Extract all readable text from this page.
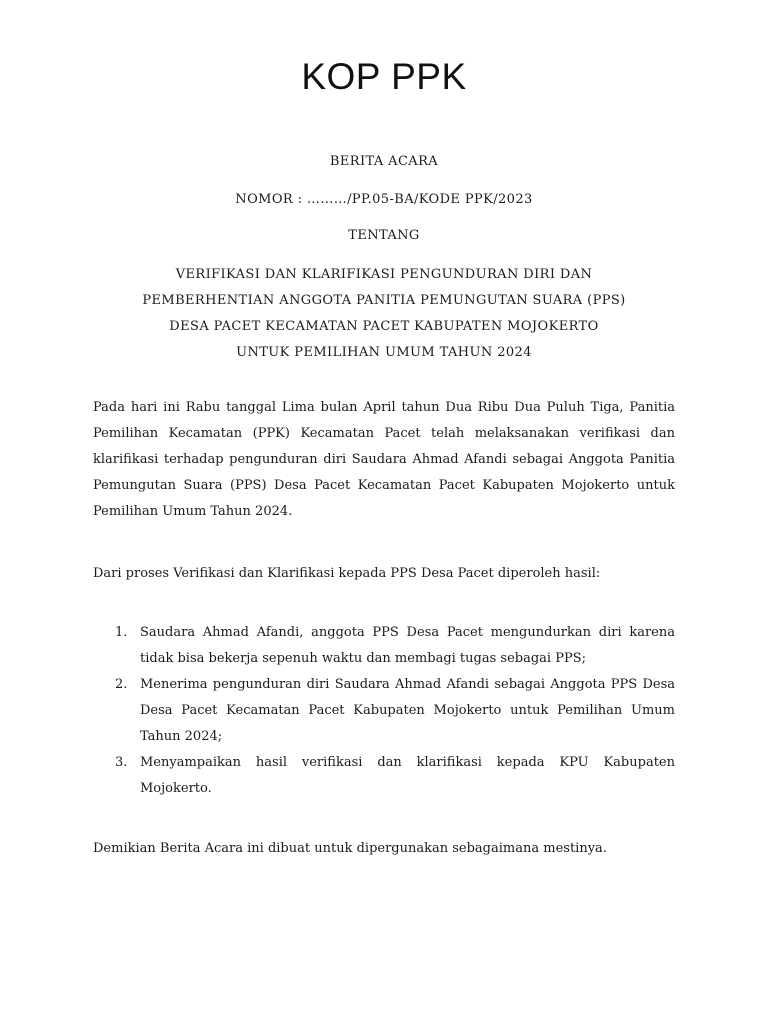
KOP PPK
BERITA ACARA
NOMOR : ………/PP.05-BA/KODE PPK/2023
TENTANG
VERIFIKASI DAN KLARIFIKASI PENGUNDURAN DIRI DAN
PEMBERHENTIAN ANGGOTA PANITIA PEMUNGUTAN SUARA (PPS)
DESA PACET KECAMATAN PACET KABUPATEN MOJOKERTO
UNTUK PEMILIHAN UMUM TAHUN 2024

Pada hari ini Rabu tanggal Lima bulan April tahun Dua Ribu Dua Puluh Tiga, Panitia Pemilihan Kecamatan (PPK) Kecamatan Pacet telah melaksanakan verifikasi dan klarifikasi terhadap pengunduran diri Saudara Ahmad Afandi sebagai Anggota Panitia Pemungutan Suara (PPS) Desa Pacet Kecamatan Pacet Kabupaten Mojokerto untuk Pemilihan Umum Tahun 2024.

Dari proses Verifikasi dan Klarifikasi kepada PPS Desa Pacet diperoleh hasil:

1. Saudara Ahmad Afandi, anggota PPS Desa Pacet mengundurkan diri karena tidak bisa bekerja sepenuh waktu dan membagi tugas sebagai PPS;
2. Menerima pengunduran diri Saudara Ahmad Afandi sebagai Anggota PPS Desa Desa Pacet Kecamatan Pacet Kabupaten Mojokerto untuk Pemilihan Umum Tahun 2024;
3. Menyampaikan hasil verifikasi dan klarifikasi kepada KPU Kabupaten Mojokerto.

Demikian Berita Acara ini dibuat untuk dipergunakan sebagaimana mestinya.
